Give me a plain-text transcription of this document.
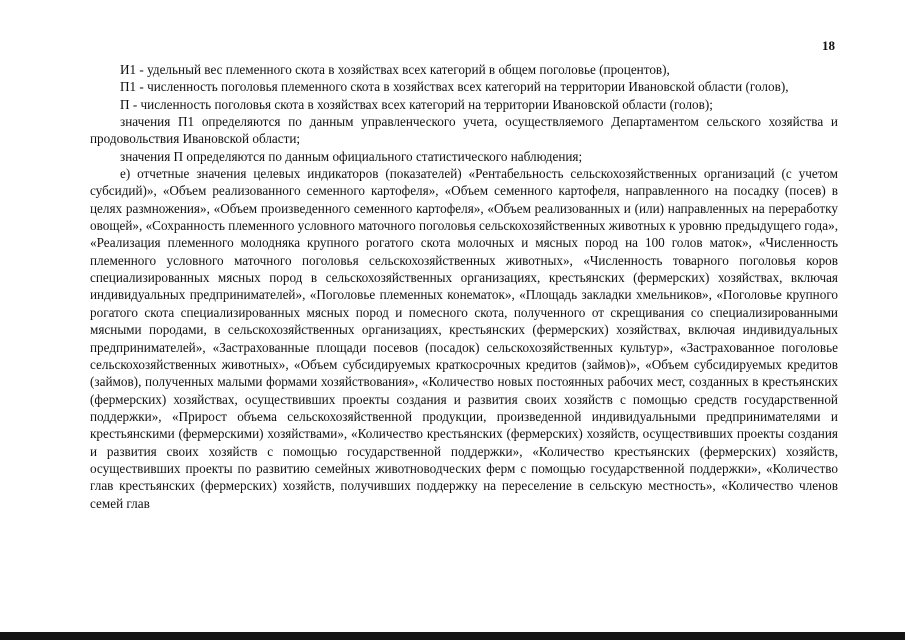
18

И1 - удельный вес племенного скота в хозяйствах всех категорий в общем поголовье (процентов),

П1 - численность поголовья племенного скота в хозяйствах всех категорий на территории Ивановской области (голов),

П - численность поголовья скота в хозяйствах всех категорий на территории Ивановской области (голов);

значения П1 определяются по данным управленческого учета, осуществляемого Департаментом сельского хозяйства и продовольствия Ивановской области;

значения П определяются по данным официального статистического наблюдения;

е) отчетные значения целевых индикаторов (показателей) «Рентабельность сельскохозяйственных организаций (с учетом субсидий)», «Объем реализованного семенного картофеля», «Объем семенного картофеля, направленного на посадку (посев) в целях размножения», «Объем произведенного семенного картофеля», «Объем реализованных и (или) направленных на переработку овощей», «Сохранность племенного условного маточного поголовья сельскохозяйственных животных к уровню предыдущего года», «Реализация племенного молодняка крупного рогатого скота молочных и мясных пород на 100 голов маток», «Численность племенного условного маточного поголовья сельскохозяйственных животных», «Численность товарного поголовья коров специализированных мясных пород в сельскохозяйственных организациях, крестьянских (фермерских) хозяйствах, включая индивидуальных предпринимателей», «Поголовье племенных конематок», «Площадь закладки хмельников», «Поголовье крупного рогатого скота специализированных мясных пород и помесного скота, полученного от скрещивания со специализированными мясными породами, в сельскохозяйственных организациях, крестьянских (фермерских) хозяйствах, включая индивидуальных предпринимателей», «Застрахованные площади посевов (посадок) сельскохозяйственных культур», «Застрахованное поголовье сельскохозяйственных животных», «Объем субсидируемых краткосрочных кредитов (займов)», «Объем субсидируемых кредитов (займов), полученных малыми формами хозяйствования», «Количество новых постоянных рабочих мест, созданных в крестьянских (фермерских) хозяйствах, осуществивших проекты создания и развития своих хозяйств с помощью средств государственной поддержки», «Прирост объема сельскохозяйственной продукции, произведенной индивидуальными предпринимателями и крестьянскими (фермерскими) хозяйствами», «Количество крестьянских (фермерских) хозяйств, осуществивших проекты создания и развития своих хозяйств с помощью государственной поддержки», «Количество крестьянских (фермерских) хозяйств, осуществивших проекты по развитию семейных животноводческих ферм с помощью государственной поддержки», «Количество глав крестьянских (фермерских) хозяйств, получивших поддержку на переселение в сельскую местность», «Количество членов семей глав
